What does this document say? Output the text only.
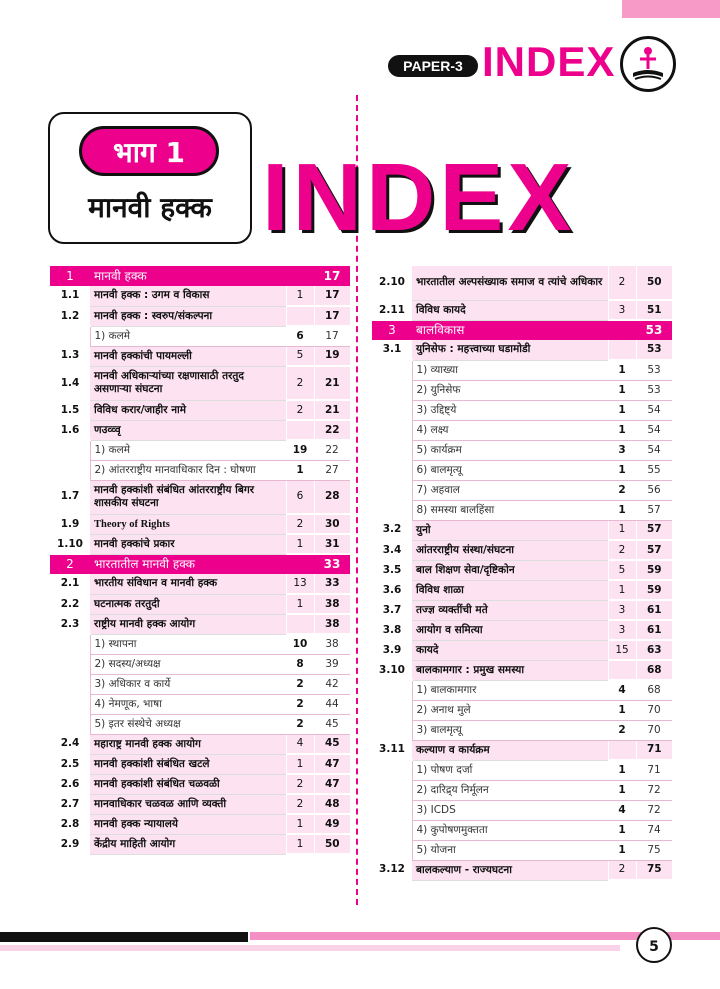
PAPER-3 INDEX
भाग 1
मानवी हक्क INDEX
1	मानवी हक्क		17
1.1	मानवी हक्क : उगम व विकास	1	17
1.2	मानवी हक्क : स्वरुप/संकल्पना		17
	1) कलमे	6	17
1.3	मानवी हक्कांची पायमल्ली	5	19
1.4	मानवी अधिकाऱ्यांच्या रक्षणासाठी तरतुद असणाऱ्या संघटना	2	21
1.5	विविध करार/जाहीर नामे	2	21
1.6	णउव्व्वृ		22
	1) कलमे	19	22
	2) आंतरराष्ट्रीय मानवाधिकार दिन : घोषणा	1	27
1.7	मानवी हक्कांशी संबंधित आंतरराष्ट्रीय बिगर शासकीय संघटना	6	28
1.9	Theory of Rights	2	30
1.10	मानवी हक्कांचे प्रकार	1	31
2	भारतातील मानवी हक्क		33
2.1	भारतीय संविधान व मानवी हक्क	13	33
2.2	घटनात्मक तरतुदी	1	38
2.3	राष्ट्रीय मानवी हक्क आयोग		38
	1) स्थापना	10	38
	2) सदस्य/अध्यक्ष	8	39
	3) अधिकार व कार्ये	2	42
	4) नेमणूक, भाषा	2	44
	5) इतर संस्थेचे अध्यक्ष	2	45
2.4	महाराष्ट्र मानवी हक्क आयोग	4	45
2.5	मानवी हक्कांशी संबंधित खटले	1	47
2.6	मानवी हक्कांशी संबंधित चळवळी	2	47
2.7	मानवाधिकार चळवळ आणि व्यक्ती	2	48
2.8	मानवी हक्क न्यायालये	1	49
2.9	केंद्रीय माहिती आयोग	1	50
2.10	भारतातील अल्पसंख्याक समाज व त्यांचे अधिकार	2	50
2.11	विविध कायदे	3	51
3	बालविकास		53
3.1	युनिसेफ : महत्त्वाच्या घडामोडी		53
	1) व्याख्या	1	53
	2) युनिसेफ	1	53
	3) उद्दिष्ट्ये	1	54
	4) लक्ष्य	1	54
	5) कार्यक्रम	3	54
	6) बालमृत्यू	1	55
	7) अहवाल	2	56
	8) समस्या बालहिंसा	1	57
3.2	युनो	1	57
3.4	आंतरराष्ट्रीय संस्था/संघटना	2	57
3.5	बाल शिक्षण सेवा/दृष्टिकोन	5	59
3.6	विविध शाळा	1	59
3.7	तज्ज्ञ व्यक्तींची मते	3	61
3.8	आयोग व समित्या	3	61
3.9	कायदे	15	63
3.10	बालकामगार : प्रमुख समस्या		68
	1) बालकामगार	4	68
	2) अनाथ मुले	1	70
	3) बालमृत्यू	2	70
3.11	कल्याण व कार्यक्रम		71
	1) पोषण दर्जा	1	71
	2) दारिद्र्य निर्मूलन	1	72
	3) ICDS	4	72
	4) कुपोषणमुक्तता	1	74
	5) योजना	1	75
3.12	बालकल्याण - राज्यघटना	2	75
5
